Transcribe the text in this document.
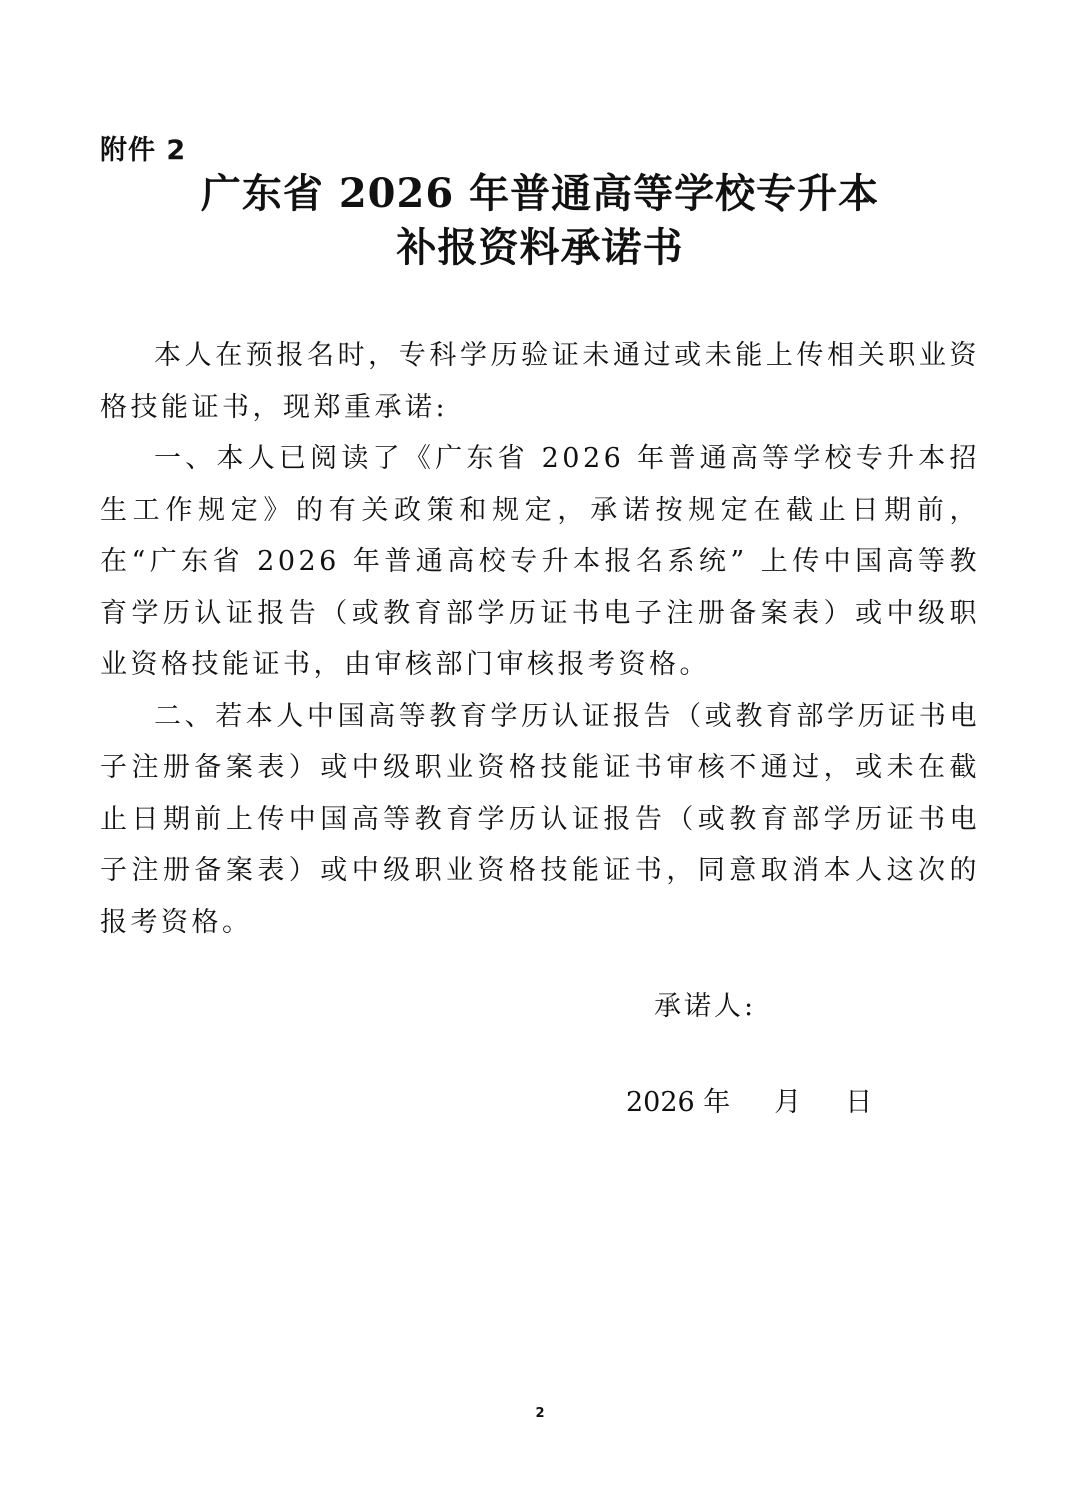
附件 2
广东省 2026 年普通高等学校专升本
补报资料承诺书

本人在预报名时，专科学历验证未通过或未能上传相关职业资格技能证书，现郑重承诺:

一、本人已阅读了《广东省 2026 年普通高等学校专升本招生工作规定》的有关政策和规定，承诺按规定在截止日期前，在“广东省 2026 年普通高校专升本报名系统” 上传中国高等教育学历认证报告（或教育部学历证书电子注册备案表）或中级职业资格技能证书，由审核部门审核报考资格。

二、若本人中国高等教育学历认证报告（或教育部学历证书电子注册备案表）或中级职业资格技能证书审核不通过，或未在截止日期前上传中国高等教育学历认证报告（或教育部学历证书电子注册备案表）或中级职业资格技能证书，同意取消本人这次的报考资格。

承诺人:
2026 年 月 日
2
